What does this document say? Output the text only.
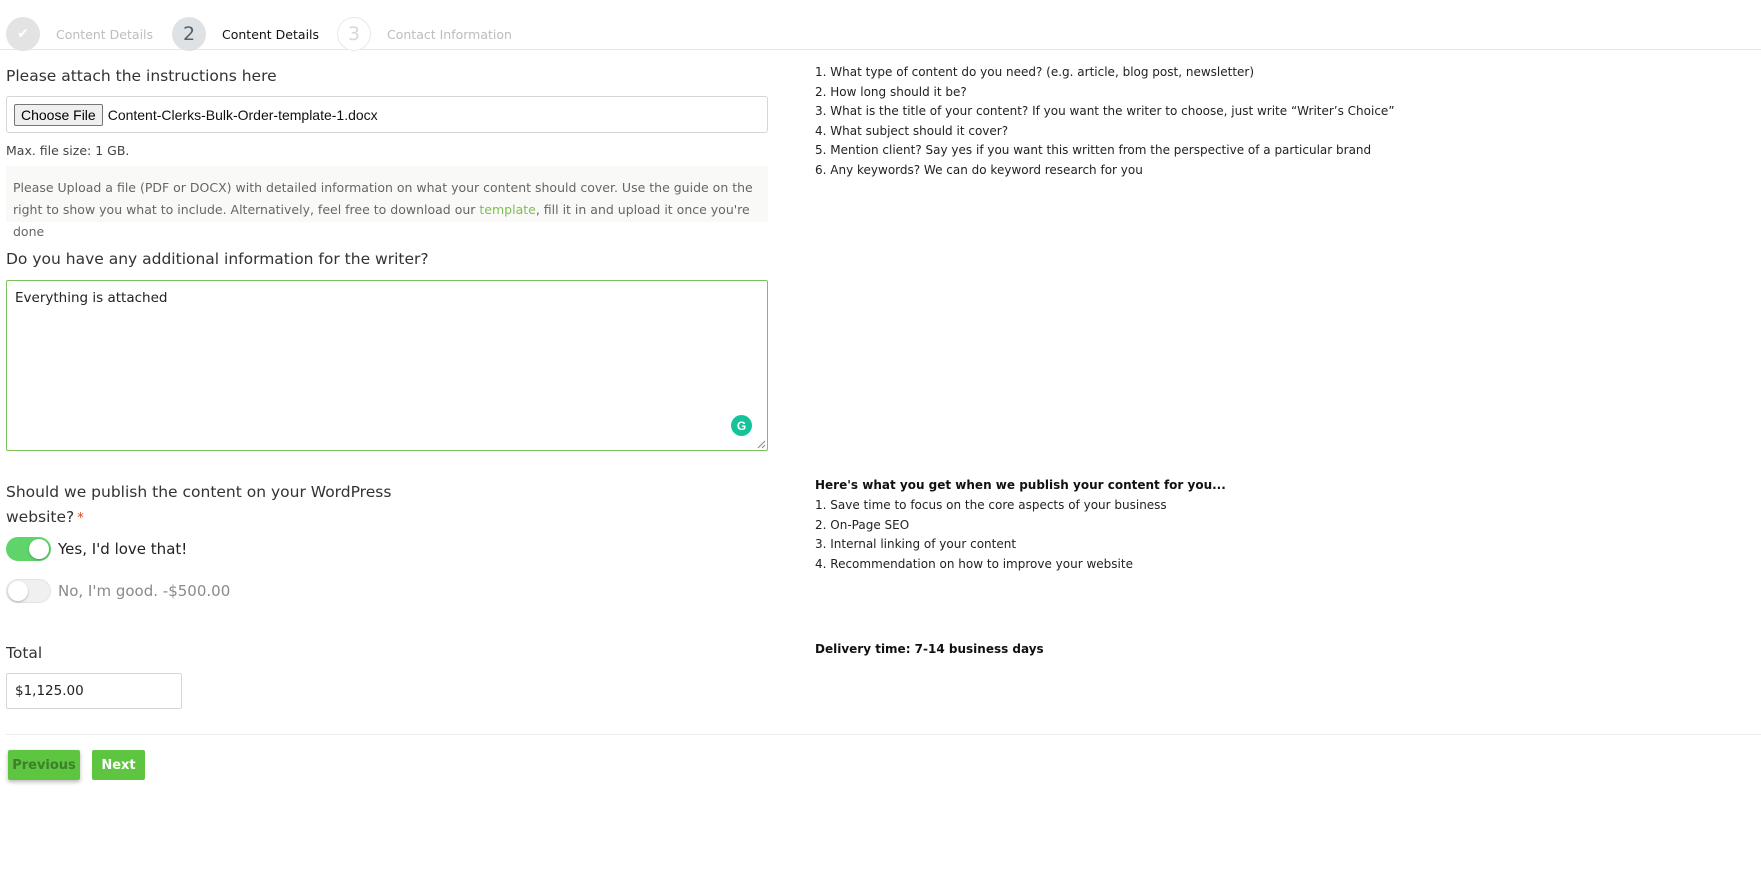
✔	Content Details	2	Content Details	3	Contact Information
Please attach the instructions here
Choose File Content-Clerks-Bulk-Order-template-1.docx
Max. file size: 1 GB.
Please Upload a file (PDF or DOCX) with detailed information on what your content should cover. Use the guide on the right to show you what to include. Alternatively, feel free to download our template, fill it in and upload it once you're done
Do you have any additional information for the writer?
Everything is attached
G
Should we publish the content on your WordPress
website? *
Yes, I'd love that!
No, I'm good. -$500.00
Total
$1,125.00
Previous	Next
1. What type of content do you need? (e.g. article, blog post, newsletter)
2. How long should it be?
3. What is the title of your content? If you want the writer to choose, just write “Writer’s Choice”
4. What subject should it cover?
5. Mention client? Say yes if you want this written from the perspective of a particular brand
6. Any keywords? We can do keyword research for you
Here's what you get when we publish your content for you...
1. Save time to focus on the core aspects of your business
2. On-Page SEO
3. Internal linking of your content
4. Recommendation on how to improve your website
Delivery time: 7-14 business days
